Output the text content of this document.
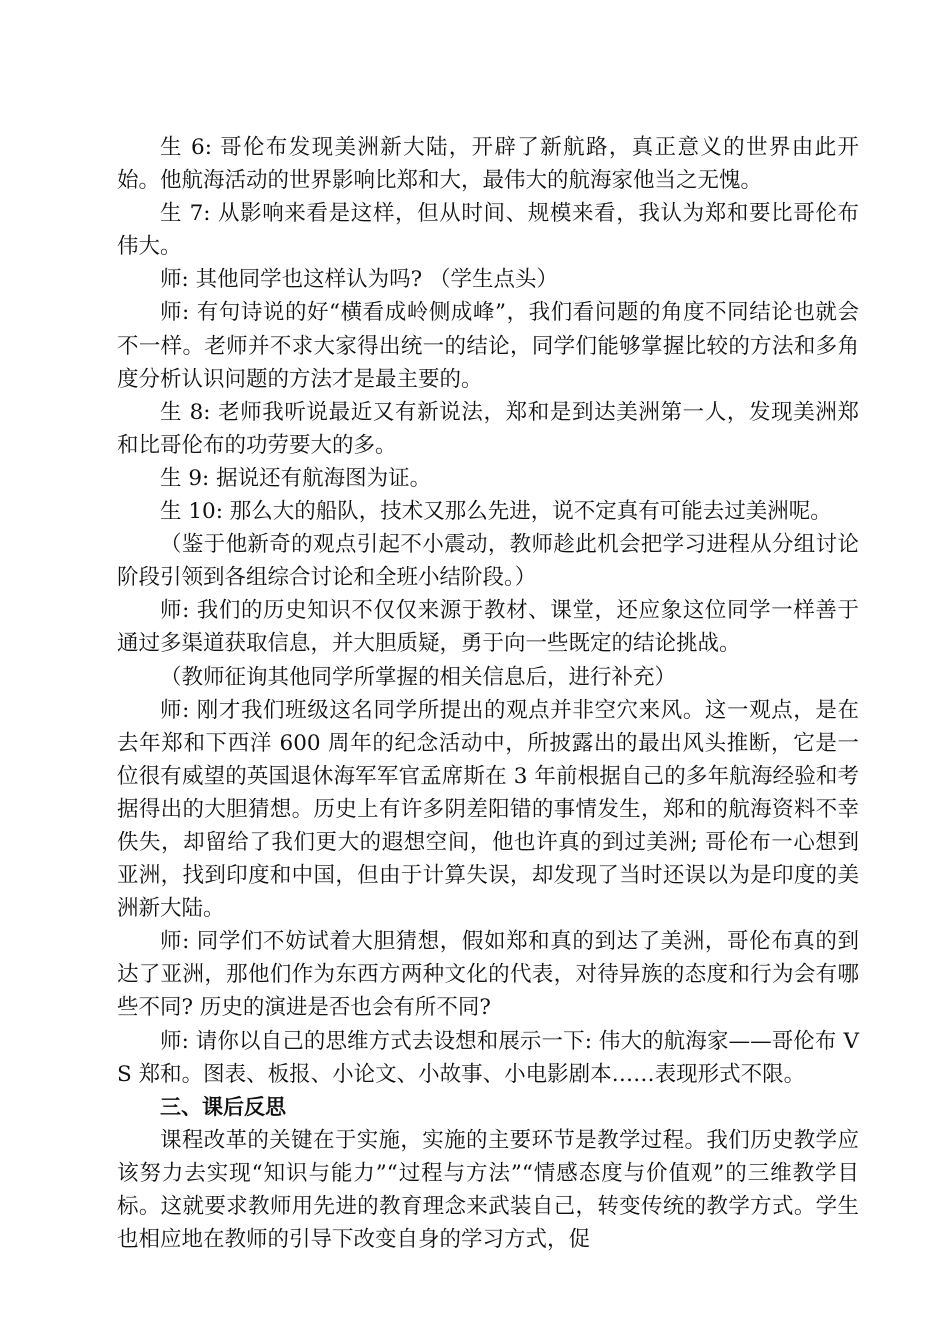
生 6: 哥伦布发现美洲新大陆，开辟了新航路，真正意义的世界由此开始。他航海活动的世界影响比郑和大，最伟大的航海家他当之无愧。

生 7: 从影响来看是这样，但从时间、规模来看，我认为郑和要比哥伦布伟大。

师: 其他同学也这样认为吗? （学生点头）

师: 有句诗说的好“横看成岭侧成峰”，我们看问题的角度不同结论也就会不一样。老师并不求大家得出统一的结论，同学们能够掌握比较的方法和多角度分析认识问题的方法才是最主要的。

生 8: 老师我听说最近又有新说法，郑和是到达美洲第一人，发现美洲郑和比哥伦布的功劳要大的多。

生 9: 据说还有航海图为证。

生 10: 那么大的船队，技术又那么先进，说不定真有可能去过美洲呢。

（鉴于他新奇的观点引起不小震动，教师趁此机会把学习进程从分组讨论阶段引领到各组综合讨论和全班小结阶段。）

师: 我们的历史知识不仅仅来源于教材、课堂，还应象这位同学一样善于通过多渠道获取信息，并大胆质疑，勇于向一些既定的结论挑战。

（教师征询其他同学所掌握的相关信息后，进行补充）

师: 刚才我们班级这名同学所提出的观点并非空穴来风。这一观点，是在去年郑和下西洋 600 周年的纪念活动中，所披露出的最出风头推断，它是一位很有威望的英国退休海军军官孟席斯在 3 年前根据自己的多年航海经验和考据得出的大胆猜想。历史上有许多阴差阳错的事情发生，郑和的航海资料不幸佚失，却留给了我们更大的遐想空间，他也许真的到过美洲; 哥伦布一心想到亚洲，找到印度和中国，但由于计算失误，却发现了当时还误以为是印度的美洲新大陆。

师: 同学们不妨试着大胆猜想，假如郑和真的到达了美洲，哥伦布真的到达了亚洲，那他们作为东西方两种文化的代表，对待异族的态度和行为会有哪些不同? 历史的演进是否也会有所不同?

师: 请你以自己的思维方式去设想和展示一下: 伟大的航海家——哥伦布 VS 郑和。图表、板报、小论文、小故事、小电影剧本……表现形式不限。

三、课后反思

课程改革的关键在于实施，实施的主要环节是教学过程。我们历史教学应该努力去实现“知识与能力”“过程与方法”“情感态度与价值观”的三维教学目标。这就要求教师用先进的教育理念来武装自己，转变传统的教学方式。学生也相应地在教师的引导下改变自身的学习方式，促
